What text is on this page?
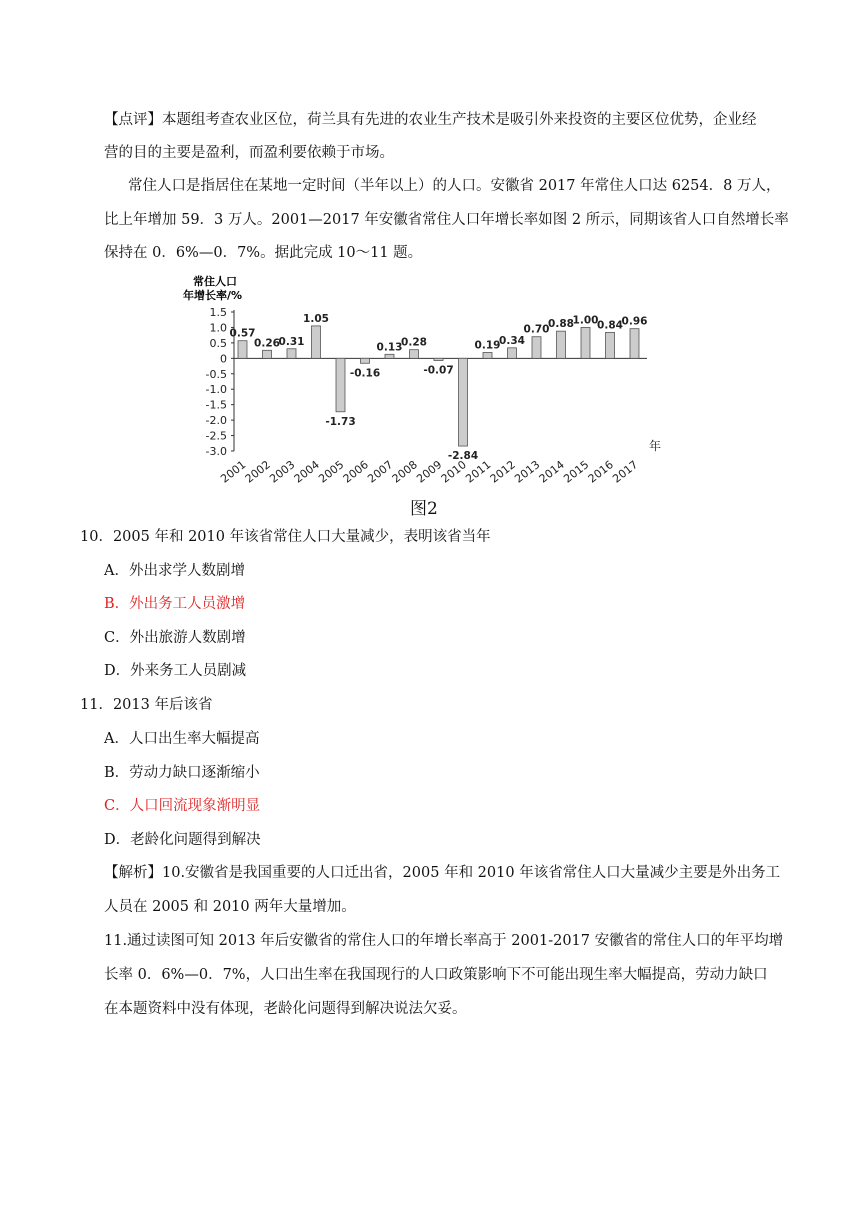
【点评】本题组考查农业区位，荷兰具有先进的农业生产技术是吸引外来投资的主要区位优势，企业经
营的目的主要是盈利，而盈利要依赖于市场。
常住人口是指居住在某地一定时间（半年以上）的人口。安徽省 2017 年常住人口达 6254．8 万人，
比上年增加 59．3 万人。2001—2017 年安徽省常住人口年增长率如图 2 所示，同期该省人口自然增长率
保持在 0．6%—0．7%。据此完成 10～11 题。
常住人口
年增长率/%
1.5
1.0
0.5
0
-0.5
-1.0
-1.5
-2.0
-2.5
-3.0	年
0.57
2001
0.26
2002
0.31
2003
1.05
2004
-1.73
2005
-0.16
2006
0.13
2007
0.28
2008
-0.07
2009
-2.84
2010
0.19
2011
0.34
2012
0.70
2013
0.88
2014
1.00
2015
0.84
2016
0.96
2017
图2
10．2005 年和 2010 年该省常住人口大量减少，表明该省当年
A．外出求学人数剧增
B．外出务工人员激增
C．外出旅游人数剧增
D．外来务工人员剧减
11．2013 年后该省
A．人口出生率大幅提高
B．劳动力缺口逐渐缩小
C．人口回流现象渐明显
D．老龄化问题得到解决
【解析】10.安徽省是我国重要的人口迁出省，2005 年和 2010 年该省常住人口大量减少主要是外出务工
人员在 2005 和 2010 两年大量增加。
11.通过读图可知 2013 年后安徽省的常住人口的年增长率高于 2001-2017 安徽省的常住人口的年平均增
长率 0．6%—0．7%，人口出生率在我国现行的人口政策影响下不可能出现生率大幅提高，劳动力缺口
在本题资料中没有体现，老龄化问题得到解决说法欠妥。
